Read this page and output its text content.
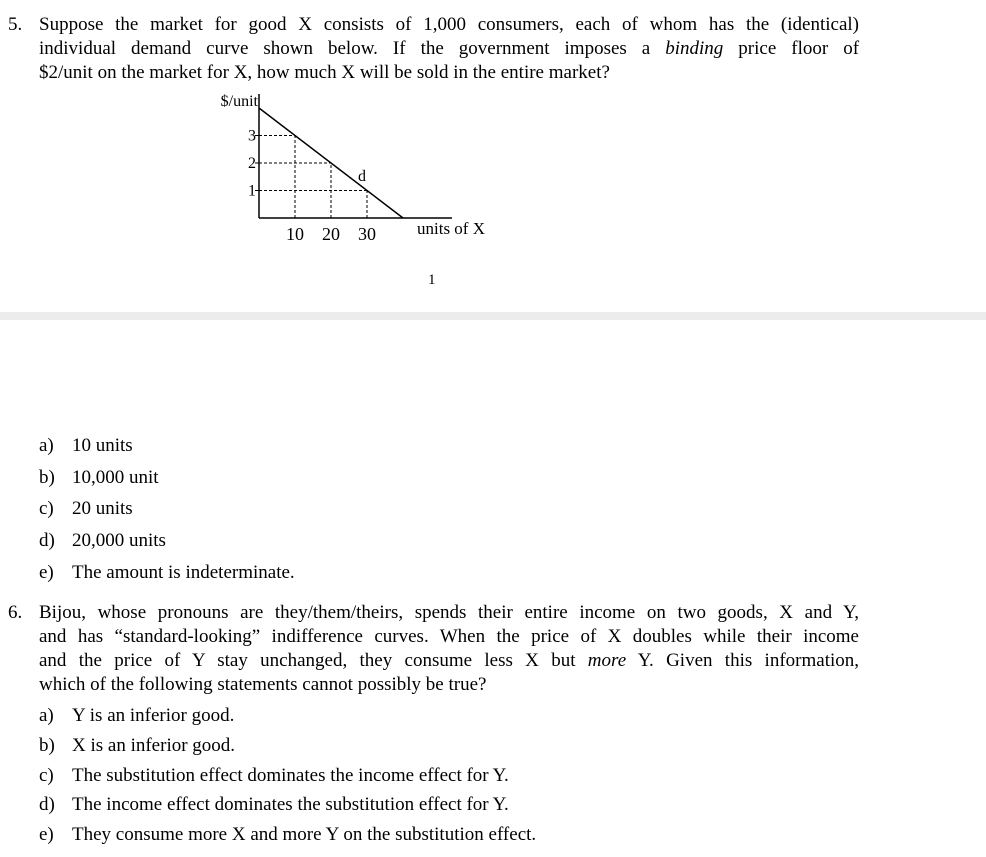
5. Suppose the market for good X consists of 1,000 consumers, each of whom has the (identical)
individual demand curve shown below. If the government imposes a binding price floor of
$2/unit on the market for X, how much X will be sold in the entire market?
1
2
3
10 20 30
d
$/unit
units of X
1
a) 10 units
b) 10,000 unit
c) 20 units
d) 20,000 units
e) The amount is indeterminate.
6. Bijou, whose pronouns are they/them/theirs, spends their entire income on two goods, X and Y,
and has “standard-looking” indifference curves. When the price of X doubles while their income
and the price of Y stay unchanged, they consume less X but more Y. Given this information,
which of the following statements cannot possibly be true?
a) Y is an inferior good.
b) X is an inferior good.
c) The substitution effect dominates the income effect for Y.
d) The income effect dominates the substitution effect for Y.
e) They consume more X and more Y on the substitution effect.
